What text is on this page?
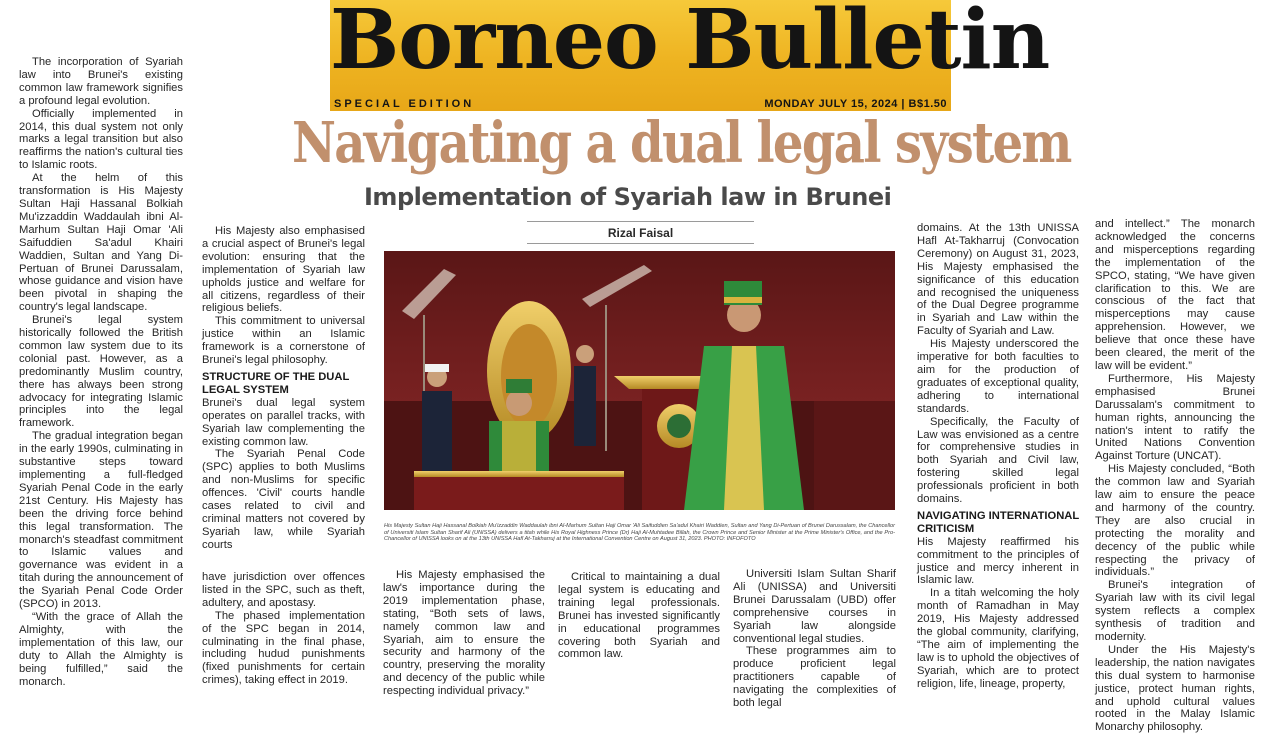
Borneo Bulletin
SPECIAL EDITION	MONDAY JULY 15, 2024 | B$1.50
Navigating a dual legal system
Implementation of Syariah law in Brunei
Rizal Faisal
His Majesty Sultan Haji Hassanal Bolkiah Mu'izzaddin Waddaulah ibni Al-Marhum Sultan Haji Omar 'Ali Saifuddien Sa'adul Khairi Waddien, Sultan and Yang Di-Pertuan of Brunei Darussalam, the Chancellor of Universiti Islam Sultan Sharif Ali (UNISSA) delivers a titah while His Royal Highness Prince (Dr) Haji Al-Muhtadee Billah, the Crown Prince and Senior Minister at the Prime Minister's Office, and the Pro-Chancellor of UNISSA looks on at the 13th UNISSA Hafl At-Takharruj at the International Convention Centre on August 31, 2023. PHOTO: INFOFOTO

The incorporation of Syariah law into Brunei's existing common law framework signifies a profound legal evolution.

Officially implemented in 2014, this dual system not only marks a legal transition but also reaffirms the nation's cultural ties to Islamic roots.

At the helm of this transformation is His Majesty Sultan Haji Hassanal Bolkiah Mu'izzaddin Waddaulah ibni Al-Marhum Sultan Haji Omar 'Ali Saifuddien Sa'adul Khairi Waddien, Sultan and Yang Di-Pertuan of Brunei Darussalam, whose guidance and vision have been pivotal in shaping the country's legal landscape.

Brunei's legal system historically followed the British common law system due to its colonial past. However, as a predominantly Muslim country, there has always been strong advocacy for integrating Islamic principles into the legal framework.

The gradual integration began in the early 1990s, culminating in substantive steps toward implementing a full-fledged Syariah Penal Code in the early 21st Century. His Majesty has been the driving force behind this legal transformation. The monarch's steadfast commitment to Islamic values and governance was evident in a titah during the announcement of the Syariah Penal Code Order (SPCO) in 2013.

“With the grace of Allah the Almighty, with the implementation of this law, our duty to Allah the Almighty is being fulfilled,” said the monarch.

His Majesty also emphasised a crucial aspect of Brunei's legal evolution: ensuring that the implementation of Syariah law upholds justice and welfare for all citizens, regardless of their religious beliefs.

This commitment to universal justice within an Islamic framework is a cornerstone of Brunei's legal philosophy.

STRUCTURE OF THE DUAL LEGAL SYSTEM

Brunei's dual legal system operates on parallel tracks, with Syariah law complementing the existing common law.

The Syariah Penal Code (SPC) applies to both Muslims and non-Muslims for specific offences. 'Civil' courts handle cases related to civil and criminal matters not covered by Syariah law, while Syariah courts

have jurisdiction over offences listed in the SPC, such as theft, adultery, and apostasy.

The phased implementation of the SPC began in 2014, culminating in the final phase, including hudud punishments (fixed punishments for certain crimes), taking effect in 2019.

His Majesty emphasised the law's importance during the 2019 implementation phase, stating, “Both sets of laws, namely common law and Syariah, aim to ensure the security and harmony of the country, preserving the morality and decency of the public while respecting individual privacy.”

Critical to maintaining a dual legal system is educating and training legal professionals. Brunei has invested significantly in educational programmes covering both Syariah and common law.

Universiti Islam Sultan Sharif Ali (UNISSA) and Universiti Brunei Darussalam (UBD) offer comprehensive courses in Syariah law alongside conventional legal studies.

These programmes aim to produce proficient legal practitioners capable of navigating the complexities of both legal

domains. At the 13th UNISSA Hafl At-Takharruj (Convocation Ceremony) on August 31, 2023, His Majesty emphasised the significance of this education and recognised the uniqueness of the Dual Degree programme in Syariah and Law within the Faculty of Syariah and Law.

His Majesty underscored the imperative for both faculties to aim for the production of graduates of exceptional quality, adhering to international standards.

Specifically, the Faculty of Law was envisioned as a centre for comprehensive studies in both Syariah and Civil law, fostering skilled legal professionals proficient in both domains.

NAVIGATING INTERNATIONAL CRITICISM

His Majesty reaffirmed his commitment to the principles of justice and mercy inherent in Islamic law.

In a titah welcoming the holy month of Ramadhan in May 2019, His Majesty addressed the global community, clarifying, “The aim of implementing the law is to uphold the objectives of Syariah, which are to protect religion, life, lineage, property,

and intellect.” The monarch acknowledged the concerns and misperceptions regarding the implementation of the SPCO, stating, “We have given clarification to this. We are conscious of the fact that misperceptions may cause apprehension. However, we believe that once these have been cleared, the merit of the law will be evident.”

Furthermore, His Majesty emphasised Brunei Darussalam's commitment to human rights, announcing the nation's intent to ratify the United Nations Convention Against Torture (UNCAT).

His Majesty concluded, “Both the common law and Syariah law aim to ensure the peace and harmony of the country. They are also crucial in protecting the morality and decency of the public while respecting the privacy of individuals.”

Brunei's integration of Syariah law with its civil legal system reflects a complex synthesis of tradition and modernity.

Under the His Majesty's leadership, the nation navigates this dual system to harmonise justice, protect human rights, and uphold cultural values rooted in the Malay Islamic Monarchy philosophy.
